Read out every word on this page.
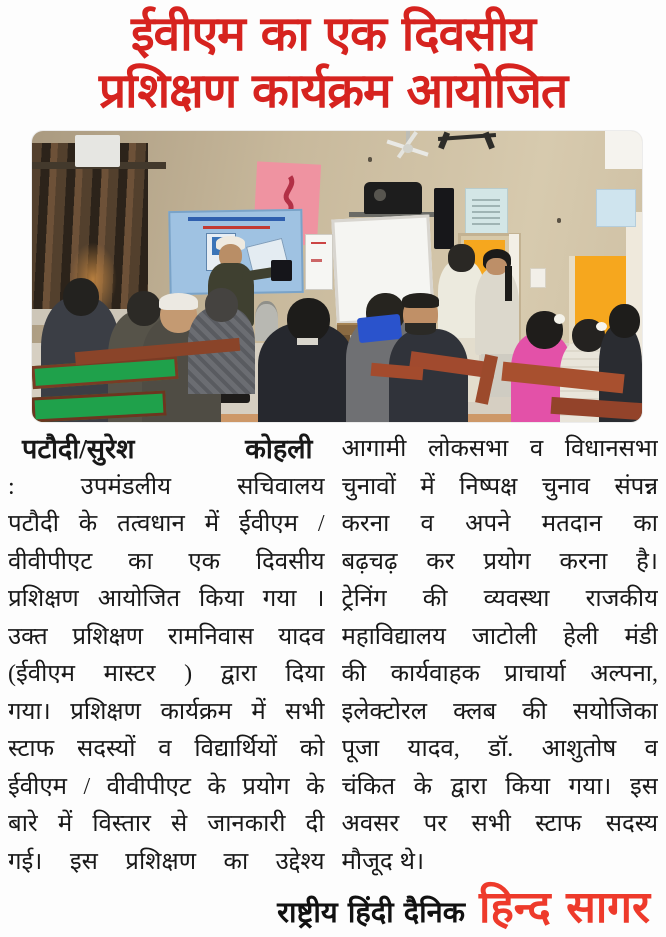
ईवीएम का एक दिवसीय
प्रशिक्षण कार्यक्रम आयोजित
पटौदी/सुरेश कोहली
: उपमंडलीय सचिवालय
पटौदी के तत्वधान में ईवीएम /
वीवीपीएट का एक दिवसीय
प्रशिक्षण आयोजित किया गया ।
उक्त प्रशिक्षण रामनिवास यादव
(ईवीएम मास्टर ) द्वारा दिया
गया। प्रशिक्षण कार्यक्रम में सभी
स्टाफ सदस्यों व विद्यार्थियों को
ईवीएम / वीवीपीएट के प्रयोग के
बारे में विस्तार से जानकारी दी
गई। इस प्रशिक्षण का उद्देश्य
आगामी लोकसभा व विधानसभा
चुनावों में निष्पक्ष चुनाव संपन्न
करना व अपने मतदान का
बढ़चढ़ कर प्रयोग करना है।
ट्रेनिंग की व्यवस्था राजकीय
महाविद्यालय जाटोली हेली मंडी
की कार्यवाहक प्राचार्या अल्पना,
इलेक्टोरल क्लब की सयोजिका
पूजा यादव, डॉ. आशुतोष व
चंकित के द्वारा किया गया। इस
अवसर पर सभी स्टाफ सदस्य
मौजूद थे।
राष्ट्रीय हिंदी दैनिक हिन्द सागर
